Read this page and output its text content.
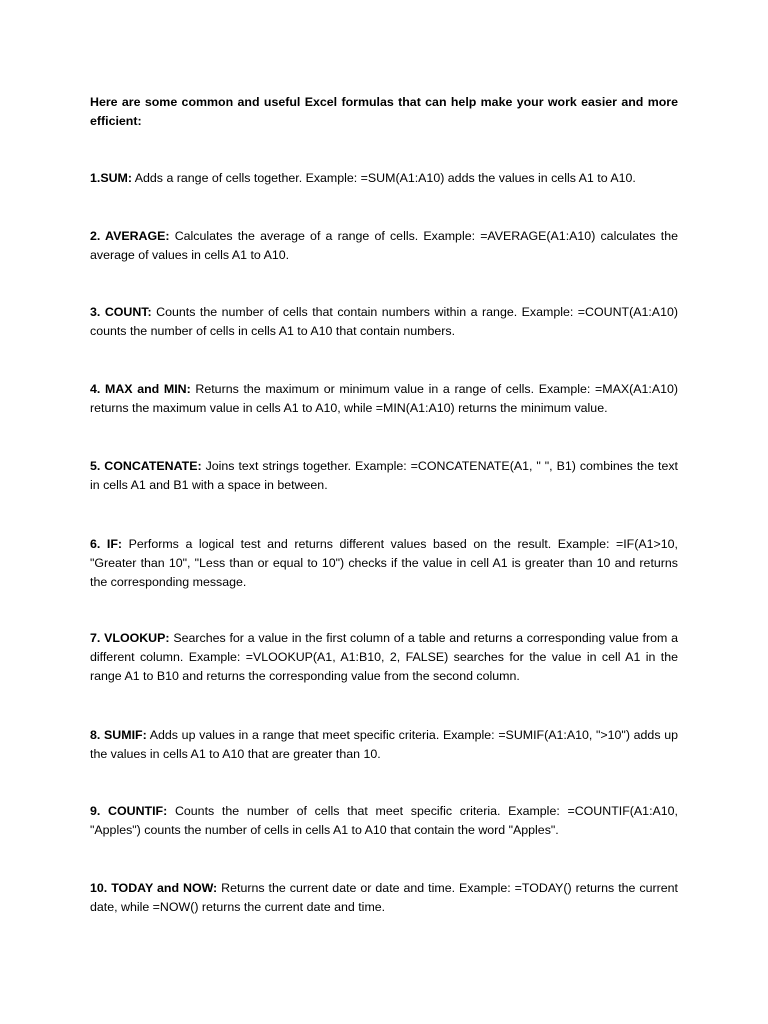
Here are some common and useful Excel formulas that can help make your work easier and more efficient:

1.SUM: Adds a range of cells together. Example: =SUM(A1:A10) adds the values in cells A1 to A10.

2. AVERAGE: Calculates the average of a range of cells. Example: =AVERAGE(A1:A10) calculates the average of values in cells A1 to A10.

3. COUNT: Counts the number of cells that contain numbers within a range. Example: =COUNT(A1:A10) counts the number of cells in cells A1 to A10 that contain numbers.

4. MAX and MIN: Returns the maximum or minimum value in a range of cells. Example: =MAX(A1:A10) returns the maximum value in cells A1 to A10, while =MIN(A1:A10) returns the minimum value.

5. CONCATENATE: Joins text strings together. Example: =CONCATENATE(A1, " ", B1) combines the text in cells A1 and B1 with a space in between.

6. IF: Performs a logical test and returns different values based on the result. Example: =IF(A1>10, "Greater than 10", "Less than or equal to 10") checks if the value in cell A1 is greater than 10 and returns the corresponding message.

7. VLOOKUP: Searches for a value in the first column of a table and returns a corresponding value from a different column. Example: =VLOOKUP(A1, A1:B10, 2, FALSE) searches for the value in cell A1 in the range A1 to B10 and returns the corresponding value from the second column.

8. SUMIF: Adds up values in a range that meet specific criteria. Example: =SUMIF(A1:A10, ">10") adds up the values in cells A1 to A10 that are greater than 10.

9. COUNTIF: Counts the number of cells that meet specific criteria. Example: =COUNTIF(A1:A10, "Apples") counts the number of cells in cells A1 to A10 that contain the word "Apples".

10. TODAY and NOW: Returns the current date or date and time. Example: =TODAY() returns the current date, while =NOW() returns the current date and time.
